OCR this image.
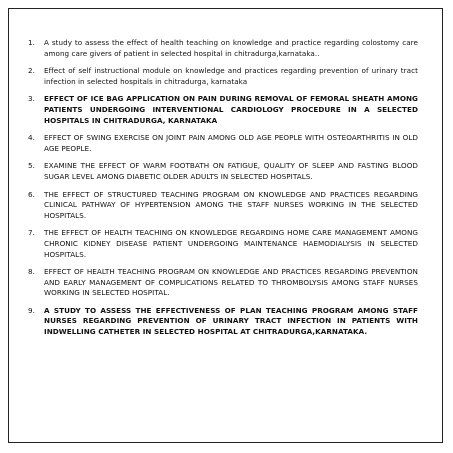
1.	A study to assess the effect of health teaching on knowledge and practice regarding colostomy care among care givers of patient in selected hospital in chitradurga,karnataka..
2.	Effect of self instructional module on knowledge and practices regarding prevention of urinary tract infection in selected hospitals in chitradurga, karnataka
3.	EFFECT OF ICE BAG APPLICATION ON PAIN DURING REMOVAL OF FEMORAL SHEATH AMONG PATIENTS UNDERGOING INTERVENTIONAL CARDIOLOGY PROCEDURE IN A SELECTED HOSPITALS IN CHITRADURGA, KARNATAKA
4.	EFFECT OF SWING EXERCISE ON JOINT PAIN AMONG OLD AGE PEOPLE WITH OSTEOARTHRITIS IN OLD AGE PEOPLE.
5.	EXAMINE THE EFFECT OF WARM FOOTBATH ON FATIGUE, QUALITY OF SLEEP AND FASTING BLOOD SUGAR LEVEL AMONG DIABETIC OLDER ADULTS IN SELECTED HOSPITALS.
6.	THE EFFECT OF STRUCTURED TEACHING PROGRAM ON KNOWLEDGE AND PRACTICES REGARDING CLINICAL PATHWAY OF HYPERTENSION AMONG THE STAFF NURSES WORKING IN THE SELECTED HOSPITALS.
7.	THE EFFECT OF HEALTH TEACHING ON KNOWLEDGE REGARDING HOME CARE MANAGEMENT AMONG CHRONIC KIDNEY DISEASE PATIENT UNDERGOING MAINTENANCE HAEMODIALYSIS IN SELECTED HOSPITALS.
8.	EFFECT OF HEALTH TEACHING PROGRAM ON KNOWLEDGE AND PRACTICES REGARDING PREVENTION AND EARLY MANAGEMENT OF COMPLICATIONS RELATED TO THROMBOLYSIS AMONG STAFF NURSES WORKING IN SELECTED HOSPITAL.
9.	A STUDY TO ASSESS THE EFFECTIVENESS OF PLAN TEACHING PROGRAM AMONG STAFF NURSES REGARDING PREVENTION OF URINARY TRACT INFECTION IN PATIENTS WITH INDWELLING CATHETER IN SELECTED HOSPITAL AT CHITRADURGA,KARNATAKA.
